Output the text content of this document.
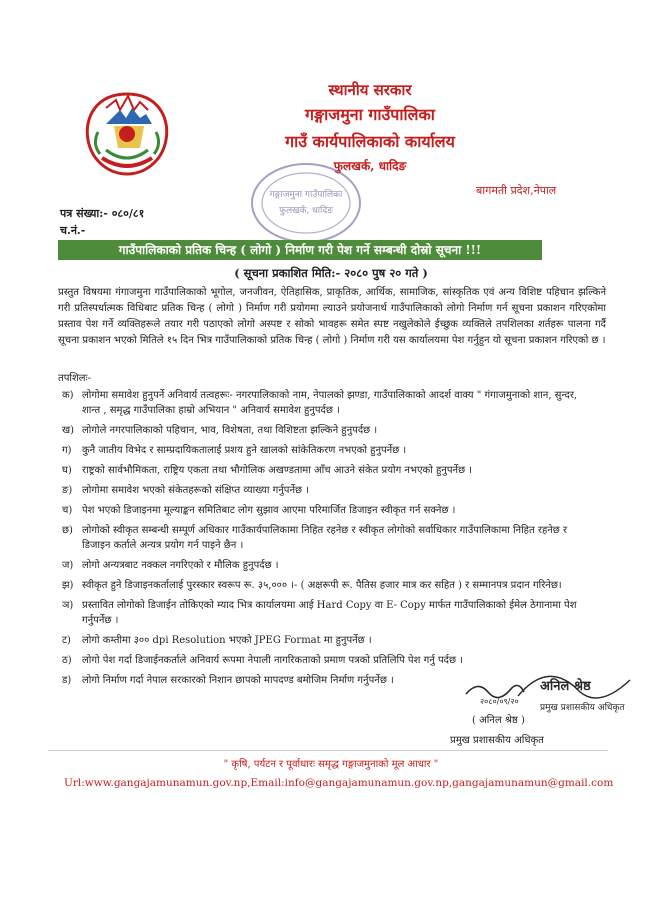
स्थानीय सरकार
गङ्गाजमुना गाउँपालिका
गाउँ कार्यपालिकाको कार्यालय
फुलखर्क, धादिङ
बागमती प्रदेश,नेपाल
गङ्गाजमुना गाउँपालिका
फुलखर्क, धादिङ
पत्र संख्या:- ०८०/८१
च.नं.-
गाउँपालिकाको प्रतिक चिन्ह ( लोगो ) निर्माण गरी पेश गर्ने सम्बन्धी दोस्रो सूचना !!!
( सूचना प्रकाशित मिति:- २०८० पुष २० गते )

प्रस्तुत विषयमा गंगाजमुना गाउँपालिकाको भूगोल, जनजीवन, ऐतिहासिक, प्राकृतिक, आर्थिक, सामाजिक, सांस्कृतिक एवं अन्य विशिष्ट पहिचान झल्किने गरी प्रतिस्पर्धात्मक विधिबाट प्रतिक चिन्ह ( लोगो ) निर्माण गरी प्रयोगमा ल्याउने प्रयोजनार्थ गाउँपालिकाको लोगो निर्माण गर्न सूचना प्रकाशन गरिएकोमा प्रस्ताव पेश गर्ने व्यक्तिहरूले तयार गरी पठाएको लोगो अस्पष्ट र सोको भावहरू समेत स्पष्ट नखुलेकोले ईच्छुक व्यक्तिले तपशिलका शर्तहरू पालना गर्दै सूचना प्रकाशन भएको मितिले १५ दिन भित्र गाउँपालिकाको प्रतिक चिन्ह ( लोगो ) निर्माण गरी यस कार्यालयमा पेश गर्नुहुन यो सूचना प्रकाशन गरिएको छ ।

तपशिलः-
क) लोगोमा समावेश हुनुपर्ने अनिवार्य तत्वहरूः- नगरपालिकाको नाम, नेपालको झण्डा, गाउँपालिकाको आदर्श वाक्य " गंगाजमुनाको शान, सुन्दर, शान्त , समृद्ध गाउँपालिका हाम्रो अभियान " अनिवार्य समावेश हुनुपर्दछ ।
ख) लोगोले नगरपालिकाको पहिचान, भाव, विशेषता, तथा विशिष्टता झल्किने हुनुपर्दछ ।
ग) कुनै जातीय विभेद र साम्प्रदायिकतालाई प्रशय हुने खालको सांकेतिकरण नभएको हुनुपर्नेछ ।
घ) राष्ट्रको सार्वभौमिकता, राष्ट्रिय एकता तथा भौगोलिक अखण्डतामा आँच आउने संकेत प्रयोग नभएको हुनुपर्नेछ ।
ङ) लोगोमा समावेश भएको संकेतहरूको संक्षिप्त व्याख्या गर्नुपर्नेछ ।
च) पेश भएको डिजाइनमा मूल्याङ्कन समितिबाट लोग सुझाव आएमा परिमार्जित डिजाइन स्वीकृत गर्न सक्नेछ ।
छ) लोगोको स्वीकृत सम्बन्धी सम्पूर्ण अधिकार गाउँकार्यपालिकामा निहित रहनेछ र स्वीकृत लोगोको सर्वाधिकार गाउँपालिकामा निहित रहनेछ र डिजाइन कर्ताले अन्यत्र प्रयोग गर्न पाइने छैन ।
ज) लोगो अन्यत्रबाट नक्कल नगरिएको र मौलिक हुनुपर्दछ ।
झ) स्वीकृत हुने डिजाइनकर्तालाई पुरस्कार स्वरूप रू. ३५,००० ।- ( अक्षरूपी रू. पैतिस हजार मात्र कर सहित ) र सम्मानपत्र प्रदान गरिनेछ।
ञ) प्रस्तावित लोगोको डिजाईन तोकिएको म्याद भित्र कार्यालयमा आई Hard Copy वा E- Copy मार्फत गाउँपालिकाको ईमेल ठेगानामा पेश गर्नुपर्नेछ ।
ट) लोगो कम्तीमा ३०० dpi Resolution भएको JPEG Format मा हुनुपर्नेछ ।
ठ) लोगो पेश गर्दा डिजाईनकर्ताले अनिवार्य रूपमा नेपाली नागरिकताको प्रमाण पत्रको प्रतिलिपि पेश गर्नु पर्दछ ।
ड) लोगो निर्माण गर्दा नेपाल सरकारको निशान छापको मापदण्ड बमोजिम निर्माण गर्नुपर्नेछ ।
२०८०/०९/२०
अनिल श्रेष्ठ
प्रमुख प्रशासकीय अधिकृत
( अनिल श्रेष्ठ )
प्रमुख प्रशासकीय अधिकृत
" कृषि, पर्यटन र पूर्वाधारः समृद्ध गङ्गाजमुनाको मूल आधार "
Url:www.gangajamunamun.gov.np,Email:info@gangajamunamun.gov.np,gangajamunamun@gmail.com
